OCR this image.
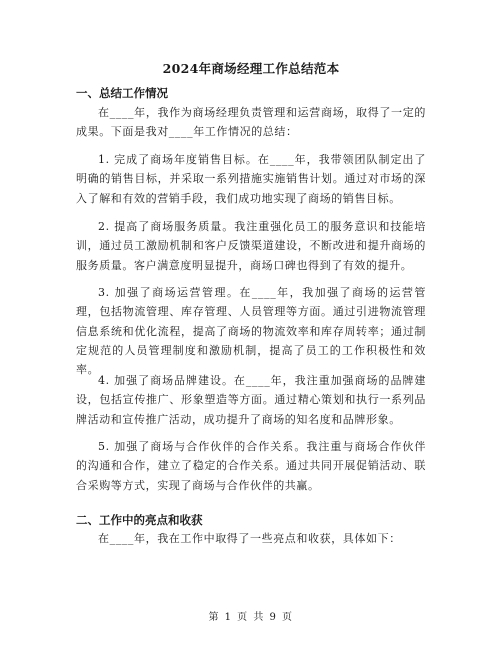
2024年商场经理工作总结范本
一、总结工作情况
在____年，我作为商场经理负责管理和运营商场，取得了一定的成果。下面是我对____年工作情况的总结：
1. 完成了商场年度销售目标。在____年，我带领团队制定出了明确的销售目标，并采取一系列措施实施销售计划。通过对市场的深入了解和有效的营销手段，我们成功地实现了商场的销售目标。
2. 提高了商场服务质量。我注重强化员工的服务意识和技能培训，通过员工激励机制和客户反馈渠道建设，不断改进和提升商场的服务质量。客户满意度明显提升，商场口碑也得到了有效的提升。
3. 加强了商场运营管理。在____年，我加强了商场的运营管理，包括物流管理、库存管理、人员管理等方面。通过引进物流管理信息系统和优化流程，提高了商场的物流效率和库存周转率；通过制定规范的人员管理制度和激励机制，提高了员工的工作积极性和效率。
4. 加强了商场品牌建设。在____年，我注重加强商场的品牌建设，包括宣传推广、形象塑造等方面。通过精心策划和执行一系列品牌活动和宣传推广活动，成功提升了商场的知名度和品牌形象。
5. 加强了商场与合作伙伴的合作关系。我注重与商场合作伙伴的沟通和合作，建立了稳定的合作关系。通过共同开展促销活动、联合采购等方式，实现了商场与合作伙伴的共赢。
二、工作中的亮点和收获
在____年，我在工作中取得了一些亮点和收获，具体如下：
第 1 页 共 9 页
